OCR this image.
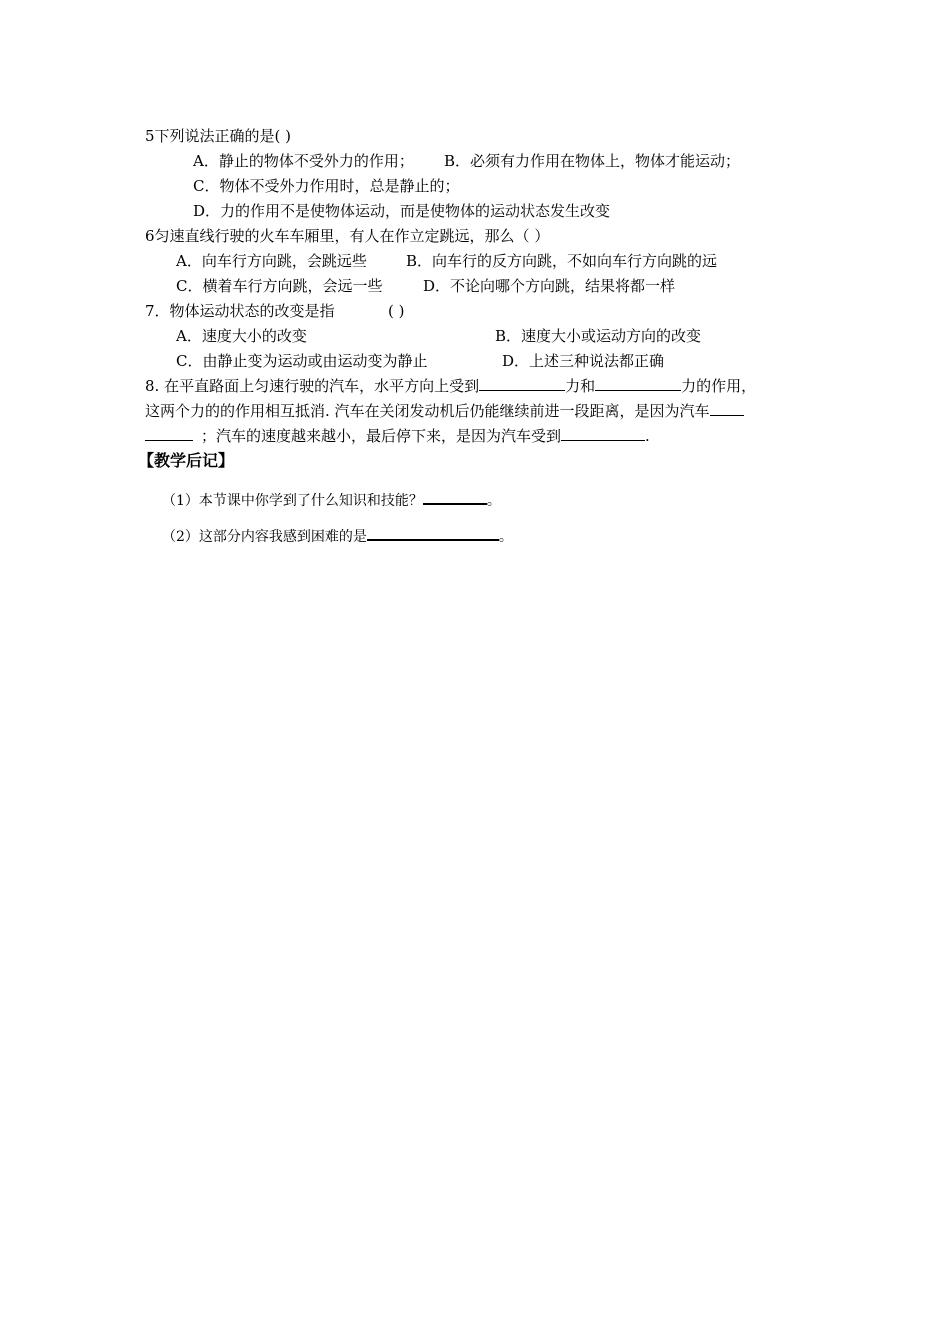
5下列说法正确的是( )
A．静止的物体不受外力的作用； B．必须有力作用在物体上，物体才能运动；
C．物体不受外力作用时，总是静止的；
D．力的作用不是使物体运动，而是使物体的运动状态发生改变
6匀速直线行驶的火车车厢里，有人在作立定跳远，那么（ ）
A．向车行方向跳，会跳远些	B．向车行的反方向跳，不如向车行方向跳的远
C．横着车行方向跳，会远一些	D．不论向哪个方向跳，结果将都一样
7．物体运动状态的改变是指	( )
A．速度大小的改变	B．速度大小或运动方向的改变
C．由静止变为运动或由运动变为静止	D．上述三种说法都正确
8. 在平直路面上匀速行驶的汽车，水平方向上受到	力和	力的作用，
这两个力的的作用相互抵消. 汽车在关闭发动机后仍能继续前进一段距离，是因为汽车
；汽车的速度越来越小，最后停下来，是因为汽车受到	.
【教学后记】
（1）本节课中你学到了什么知识和技能？	。
（2）这部分内容我感到困难的是	。
